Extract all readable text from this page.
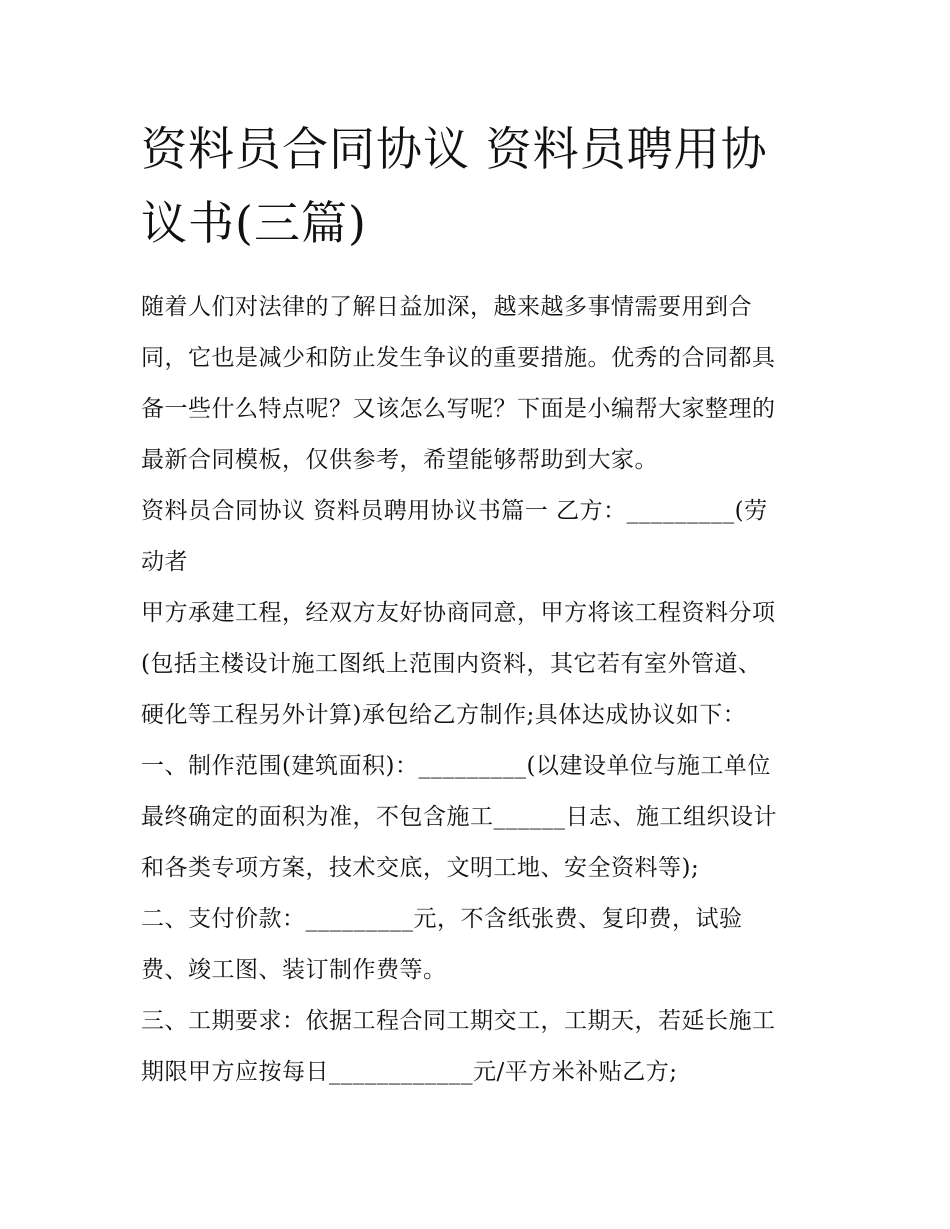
资料员合同协议 资料员聘用协
议书(三篇)

随着人们对法律的了解日益加深，越来越多事情需要用到合
同，它也是减少和防止发生争议的重要措施。优秀的合同都具
备一些什么特点呢？又该怎么写呢？下面是小编帮大家整理的
最新合同模板，仅供参考，希望能够帮助到大家。

资料员合同协议 资料员聘用协议书篇一 乙方：_________(劳
动者

甲方承建工程，经双方友好协商同意，甲方将该工程资料分项
(包括主楼设计施工图纸上范围内资料，其它若有室外管道、
硬化等工程另外计算)承包给乙方制作;具体达成协议如下：

一、制作范围(建筑面积)：_________(以建设单位与施工单位
最终确定的面积为准，不包含施工______日志、施工组织设计
和各类专项方案，技术交底，文明工地、安全资料等);

二、支付价款：_________元，不含纸张费、复印费，试验
费、竣工图、装订制作费等。

三、工期要求：依据工程合同工期交工，工期天，若延长施工
期限甲方应按每日____________元/平方米补贴乙方;
